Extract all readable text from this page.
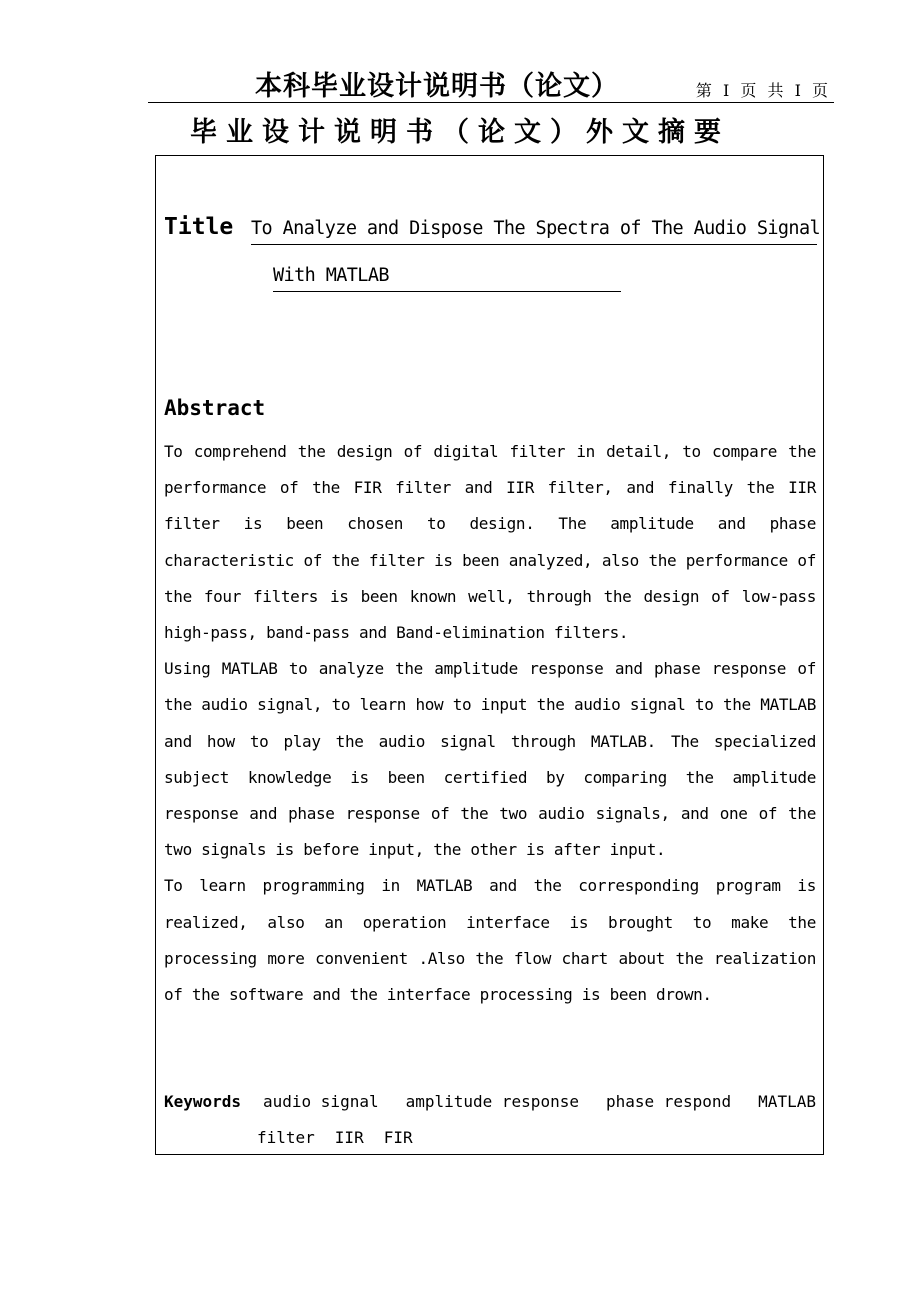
本科毕业设计说明书（论文）	第 I 页 共 I 页
毕业设计说明书（论文）外文摘要
Title To Analyze and Dispose The Spectra of The Audio Signal
With MATLAB
Abstract

To comprehend the design of digital filter in detail, to compare the performance of the FIR filter and IIR filter, and finally the IIR filter is been chosen to design. The amplitude and phase characteristic of the filter is been analyzed, also the performance of the four filters is been known well, through the design of low-pass high-pass, band-pass and Band-elimination filters.

Using MATLAB to analyze the amplitude response and phase response of the audio signal, to learn how to input the audio signal to the MATLAB and how to play the audio signal through MATLAB. The specialized subject knowledge is been certified by comparing the amplitude response and phase response of the two audio signals, and one of the two signals is before input, the other is after input.

To learn programming in MATLAB and the corresponding program is realized, also an operation interface is brought to make the processing more convenient .Also the flow chart about the realization of the software and the interface processing is been drown.

Keywords audio signal amplitude response phase respond MATLAB
filter IIR FIR
